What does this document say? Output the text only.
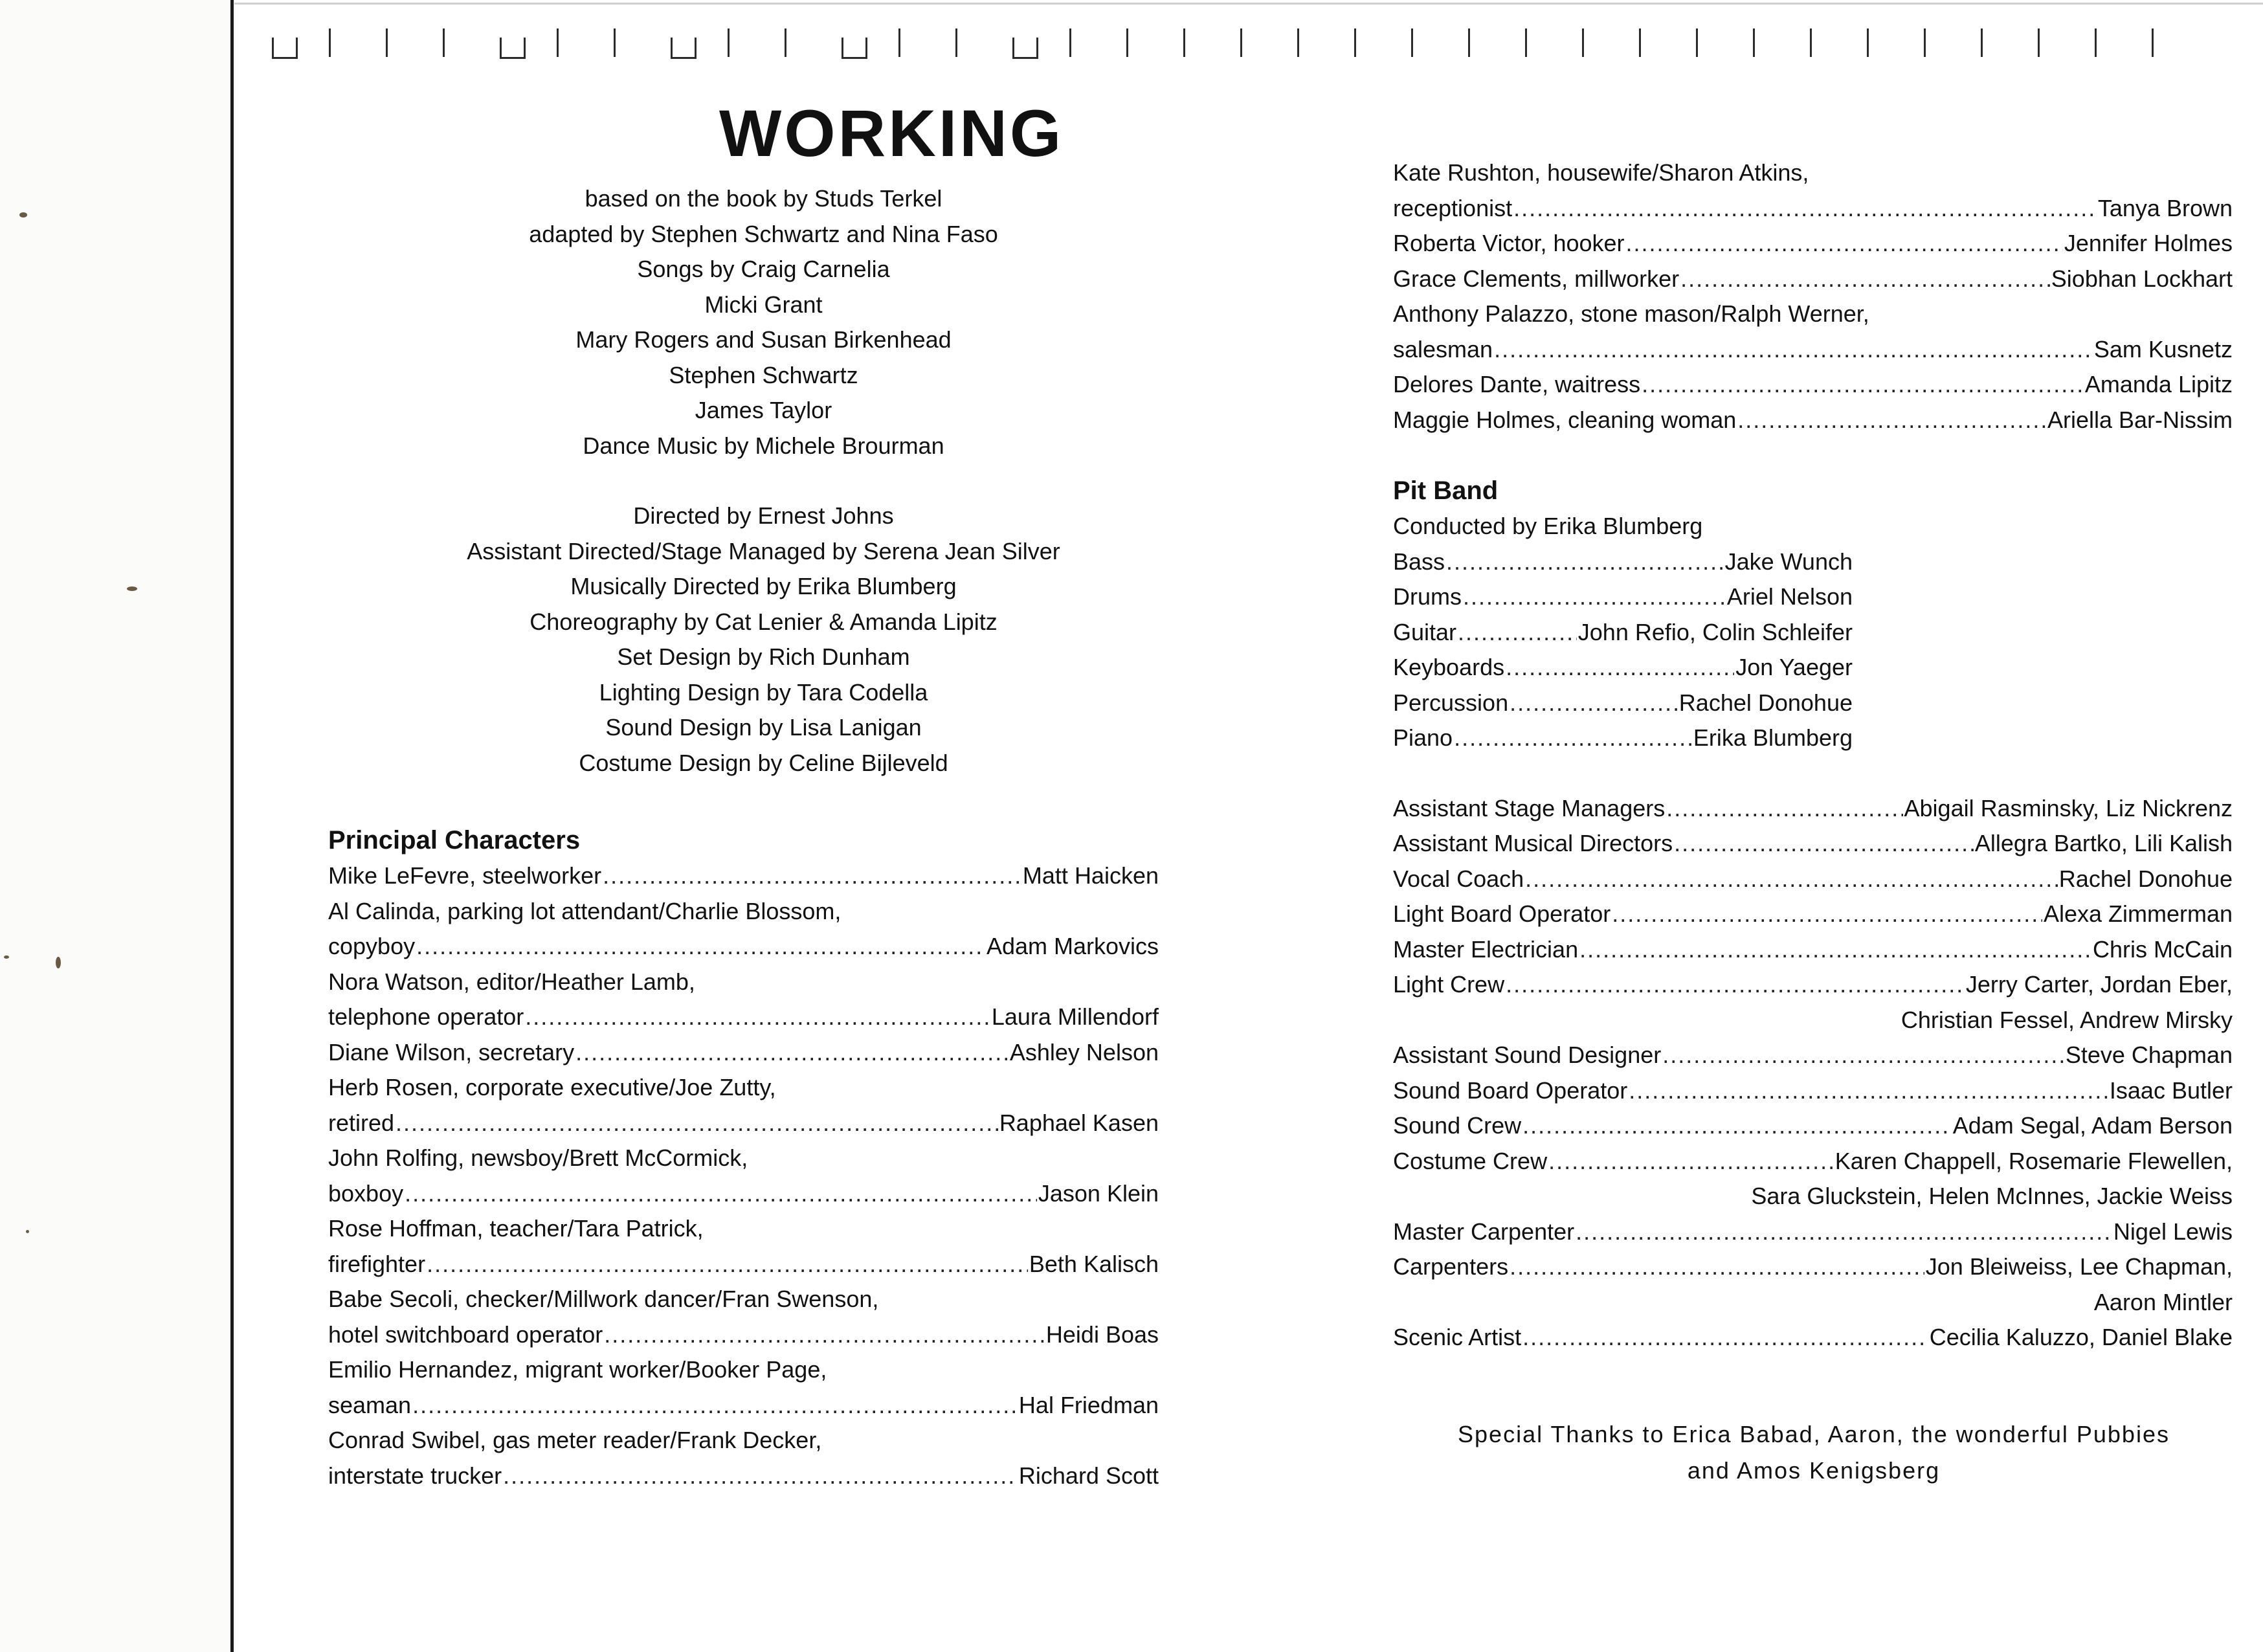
WORKING
based on the book by Studs Terkel
adapted by Stephen Schwartz and Nina Faso
Songs by Craig Carnelia
Micki Grant
Mary Rogers and Susan Birkenhead
Stephen Schwartz
James Taylor
Dance Music by Michele Brourman
Directed by Ernest Johns
Assistant Directed/Stage Managed by Serena Jean Silver
Musically Directed by Erika Blumberg
Choreography by Cat Lenier & Amanda Lipitz
Set Design by Rich Dunham
Lighting Design by Tara Codella
Sound Design by Lisa Lanigan
Costume Design by Celine Bijleveld
Principal Characters
Mike LeFevre, steelworker .....	Matt Haicken
Al Calinda, parking lot attendant/Charlie Blossom,
copyboy .....	Adam Markovics
Nora Watson, editor/Heather Lamb,
telephone operator .....	Laura Millendorf
Diane Wilson, secretary .....	Ashley Nelson
Herb Rosen, corporate executive/Joe Zutty,
retired .....	Raphael Kasen
John Rolfing, newsboy/Brett McCormick,
boxboy .....	Jason Klein
Rose Hoffman, teacher/Tara Patrick,
firefighter .....	Beth Kalisch
Babe Secoli, checker/Millwork dancer/Fran Swenson,
hotel switchboard operator .....	Heidi Boas
Emilio Hernandez, migrant worker/Booker Page,
seaman .....	Hal Friedman
Conrad Swibel, gas meter reader/Frank Decker,
interstate trucker .....	Richard Scott
Kate Rushton, housewife/Sharon Atkins,
receptionist .....	Tanya Brown
Roberta Victor, hooker .....	Jennifer Holmes
Grace Clements, millworker .....	Siobhan Lockhart
Anthony Palazzo, stone mason/Ralph Werner,
salesman .....	Sam Kusnetz
Delores Dante, waitress .....	Amanda Lipitz
Maggie Holmes, cleaning woman .....	Ariella Bar-Nissim
Pit Band
Conducted by Erika Blumberg
Bass .....	Jake Wunch
Drums .....	Ariel Nelson
Guitar .....	John Refio, Colin Schleifer
Keyboards .....	Jon Yaeger
Percussion .....	Rachel Donohue
Piano .....	Erika Blumberg
Assistant Stage Managers .....	Abigail Rasminsky, Liz Nickrenz
Assistant Musical Directors .....	Allegra Bartko, Lili Kalish
Vocal Coach .....	Rachel Donohue
Light Board Operator .....	Alexa Zimmerman
Master Electrician .....	Chris McCain
Light Crew .....	Jerry Carter, Jordan Eber,
Christian Fessel, Andrew Mirsky
Assistant Sound Designer .....	Steve Chapman
Sound Board Operator .....	Isaac Butler
Sound Crew .....	Adam Segal, Adam Berson
Costume Crew .....	Karen Chappell, Rosemarie Flewellen,
Sara Gluckstein, Helen McInnes, Jackie Weiss
Master Carpenter .....	Nigel Lewis
Carpenters .....	Jon Bleiweiss, Lee Chapman,
Aaron Mintler
Scenic Artist .....	Cecilia Kaluzzo, Daniel Blake
Special Thanks to Erica Babad, Aaron, the wonderful Pubbies
and Amos Kenigsberg
